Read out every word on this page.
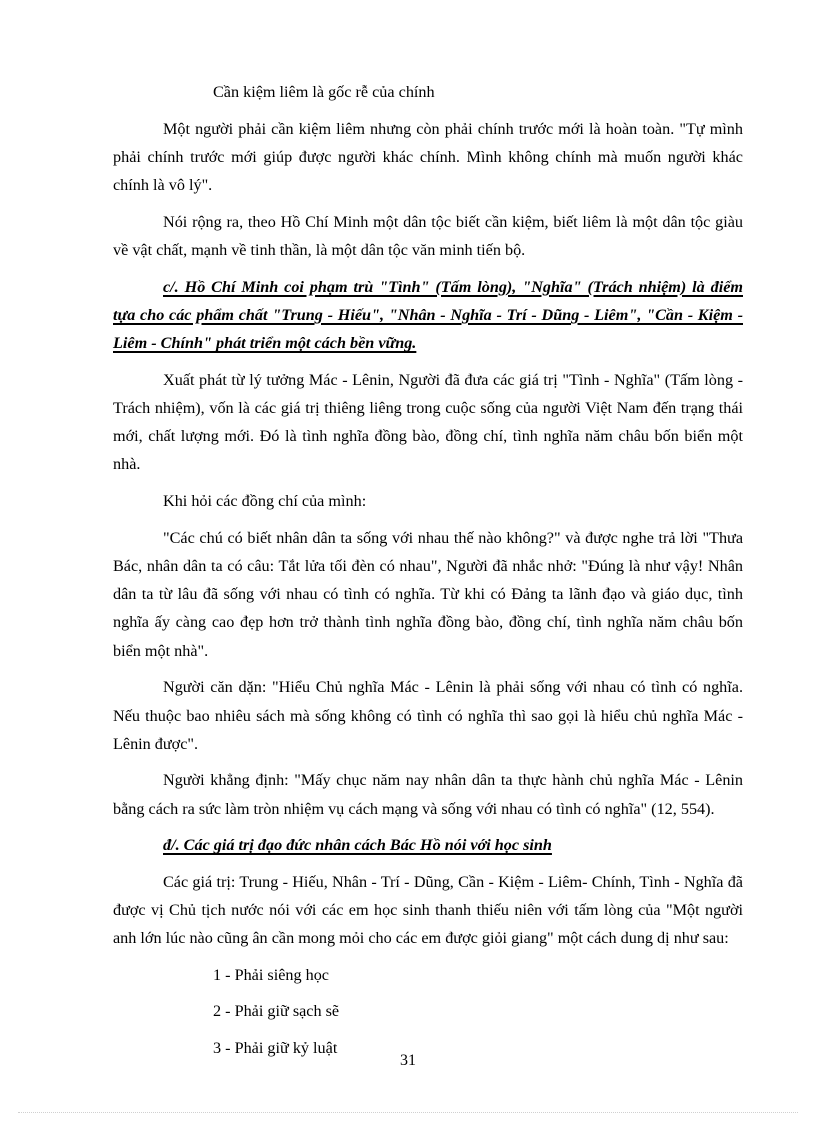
Cần kiệm liêm là gốc rễ của chính

Một người phải cần kiệm liêm nhưng còn phải chính trước mới là hoàn toàn. "Tự mình phải chính trước mới giúp được người khác chính. Mình không chính mà muốn người khác chính là vô lý".

Nói rộng ra, theo Hồ Chí Minh một dân tộc biết cần kiệm, biết liêm là một dân tộc giàu về vật chất, mạnh về tinh thần, là một dân tộc văn minh tiến bộ.

c/. Hồ Chí Minh coi phạm trù "Tình" (Tấm lòng), "Nghĩa" (Trách nhiệm) là điểm tựa cho các phẩm chất "Trung - Hiếu", "Nhân - Nghĩa - Trí - Dũng - Liêm", "Cần - Kiệm - Liêm - Chính" phát triển một cách bền vững.

Xuất phát từ lý tưởng Mác - Lênin, Người đã đưa các giá trị "Tình - Nghĩa" (Tấm lòng - Trách nhiệm), vốn là các giá trị thiêng liêng trong cuộc sống của người Việt Nam đến trạng thái mới, chất lượng mới. Đó là tình nghĩa đồng bào, đồng chí, tình nghĩa năm châu bốn biển một nhà.

Khi hỏi các đồng chí của mình:

"Các chú có biết nhân dân ta sống với nhau thế nào không?" và được nghe trả lời "Thưa Bác, nhân dân ta có câu: Tắt lửa tối đèn có nhau", Người đã nhắc nhở: "Đúng là như vậy! Nhân dân ta từ lâu đã sống với nhau có tình có nghĩa. Từ khi có Đảng ta lãnh đạo và giáo dục, tình nghĩa ấy càng cao đẹp hơn trở thành tình nghĩa đồng bào, đồng chí, tình nghĩa năm châu bốn biển một nhà".

Người căn dặn: "Hiểu Chủ nghĩa Mác - Lênin là phải sống với nhau có tình có nghĩa. Nếu thuộc bao nhiêu sách mà sống không có tình có nghĩa thì sao gọi là hiểu chủ nghĩa Mác - Lênin được".

Người khẳng định: "Mấy chục năm nay nhân dân ta thực hành chủ nghĩa Mác - Lênin bằng cách ra sức làm tròn nhiệm vụ cách mạng và sống với nhau có tình có nghĩa" (12, 554).

đ/. Các giá trị đạo đức nhân cách Bác Hồ nói với học sinh

Các giá trị: Trung - Hiếu, Nhân - Trí - Dũng, Cần - Kiệm - Liêm- Chính, Tình - Nghĩa đã được vị Chủ tịch nước nói với các em học sinh thanh thiếu niên với tấm lòng của "Một người anh lớn lúc nào cũng ân cần mong mỏi cho các em được giỏi giang" một cách dung dị như sau:

1 - Phải siêng học

2 - Phải giữ sạch sẽ

3 - Phải giữ kỷ luật

31
